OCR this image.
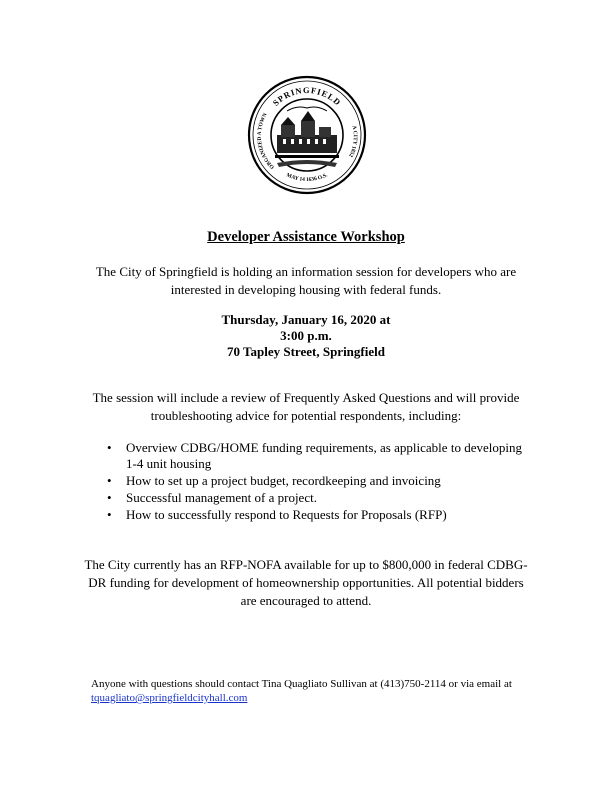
SPRINGFIELD
ORGANIZED A TOWN
A CITY 1852
MAY 14 1636 O.S.
Developer Assistance Workshop
The City of Springfield is holding an information session for developers who are interested in developing housing with federal funds.
Thursday, January 16, 2020 at
3:00 p.m.
70 Tapley Street, Springfield
The session will include a review of Frequently Asked Questions and will provide troubleshooting advice for potential respondents, including:
• Overview CDBG/HOME funding requirements, as applicable to developing 1-4 unit housing
• How to set up a project budget, recordkeeping and invoicing
• Successful management of a project.
• How to successfully respond to Requests for Proposals (RFP)
The City currently has an RFP-NOFA available for up to $800,000 in federal CDBG-DR funding for development of homeownership opportunities. All potential bidders are encouraged to attend.
Anyone with questions should contact Tina Quagliato Sullivan at (413)750-2114 or via email at tquagliato@springfieldcityhall.com
